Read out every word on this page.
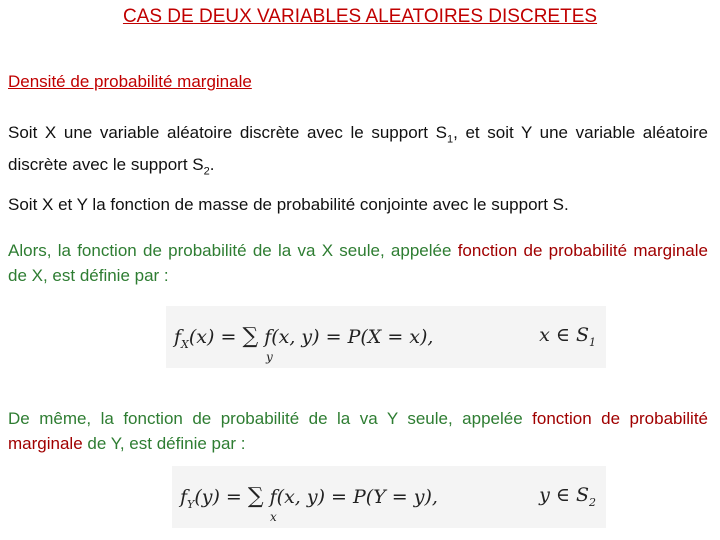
CAS DE DEUX VARIABLES ALEATOIRES DISCRETES
Densité de probabilité marginale
Soit X une variable aléatoire discrète avec le support $S_1$, et soit Y une variable aléatoire discrète avec le support $S_2$.
Soit X et Y la fonction de masse de probabilité conjointe avec le support S.
Alors, la fonction de probabilité de la va X seule, appelée fonction de probabilité marginale de X, est définie par :
$f_X(x)$ = ∑ f(x, y) = P(X = x),
y
x ∈ $S_1$
De même, la fonction de probabilité de la va Y seule, appelée fonction de probabilité marginale de Y, est définie par :
$f_Y(y)$ = ∑ f(x, y) = P(Y = y),
x
y ∈ $S_2$
